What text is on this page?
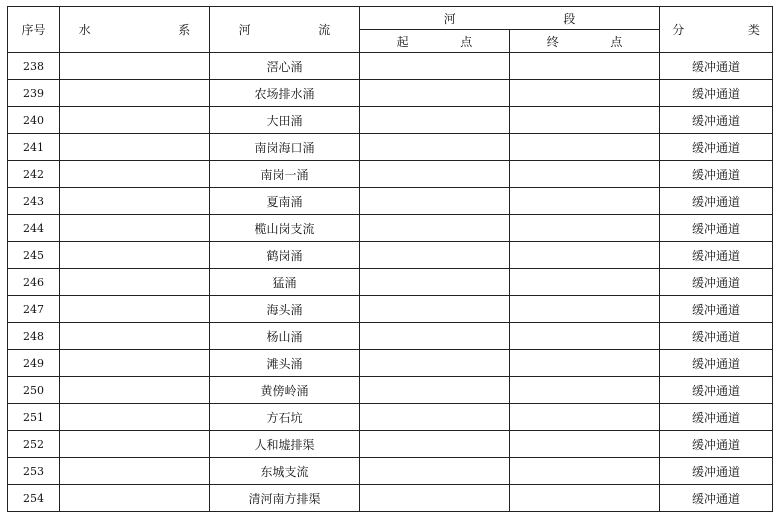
序号	水  系	河  流	河  段		分  类
			起  点	终  点	
238		滘心涌			缓冲通道
239		农场排水涌			缓冲通道
240		大田涌			缓冲通道
241		南岗海口涌			缓冲通道
242		南岗一涌			缓冲通道
243		夏南涌			缓冲通道
244		榄山岗支流			缓冲通道
245		鹤岗涌			缓冲通道
246		猛涌			缓冲通道
247		海头涌			缓冲通道
248		杨山涌			缓冲通道
249		滩头涌			缓冲通道
250		黄傍岭涌			缓冲通道
251		方石坑			缓冲通道
252		人和墟排渠			缓冲通道
253		东城支流			缓冲通道
254		清河南方排渠			缓冲通道
